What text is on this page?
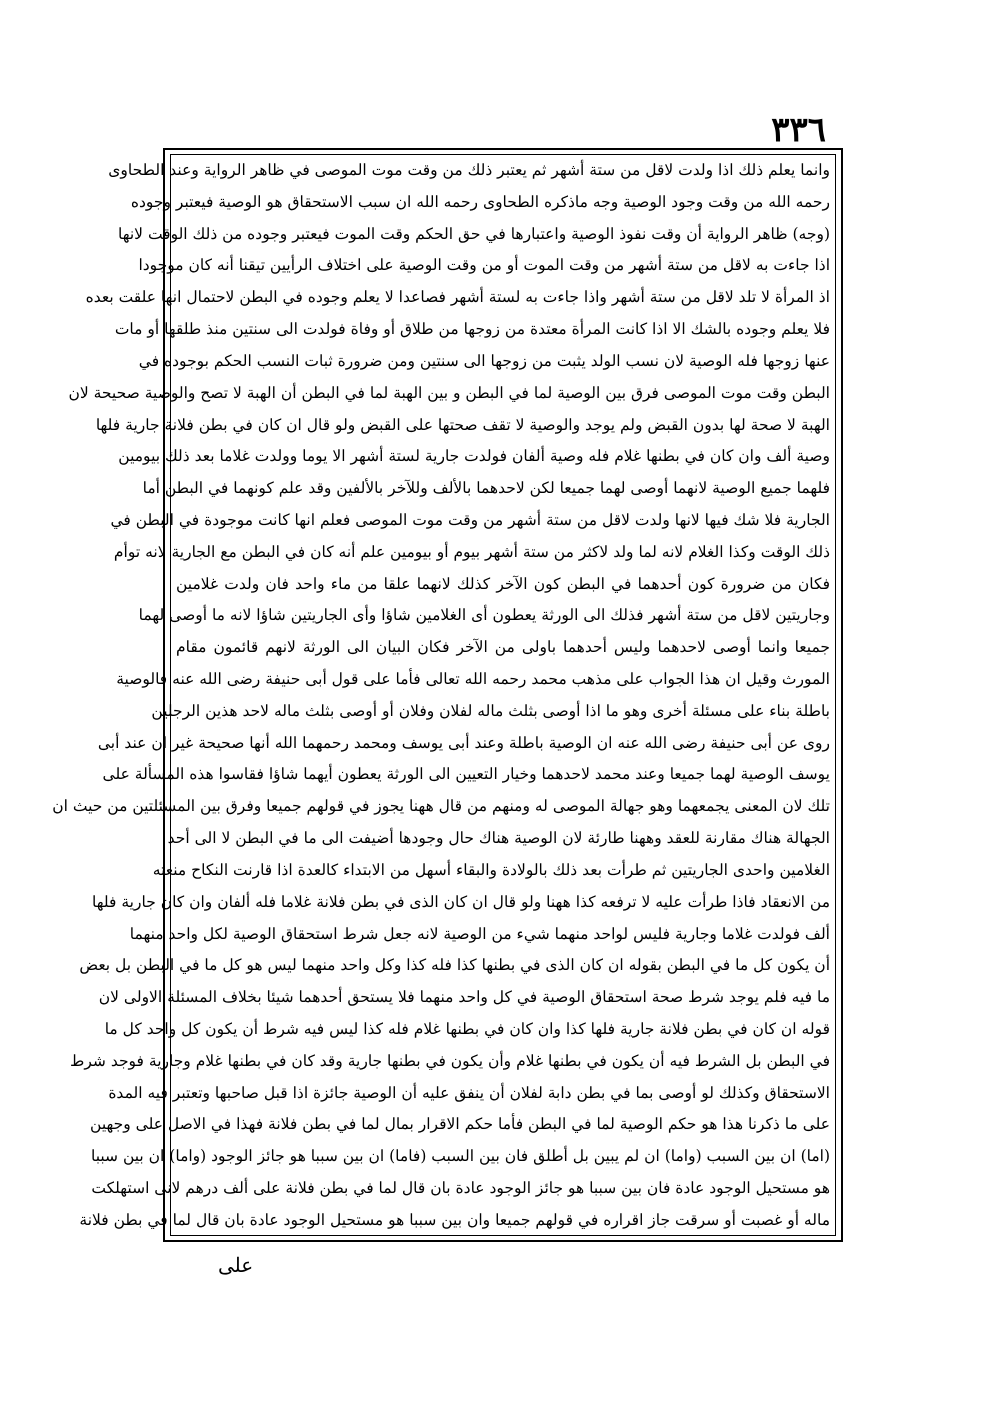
٣٣٦
وانما يعلم ذلك اذا ولدت لاقل من ستة أشهر ثم يعتبر ذلك من وقت موت الموصى في ظاهر الرواية وعند الطحاوى
رحمه الله من وقت وجود الوصية وجه ماذكره الطحاوى رحمه الله ان سبب الاستحقاق هو الوصية فيعتبر وجوده
(وجه) ظاهر الرواية أن وقت نفوذ الوصية واعتبارها في حق الحكم وقت الموت فيعتبر وجوده من ذلك الوقت لانها
اذا جاءت به لاقل من ستة أشهر من وقت الموت أو من وقت الوصية على اختلاف الرأيين تيقنا أنه كان موجودا
اذ المرأة لا تلد لاقل من ستة أشهر واذا جاءت به لستة أشهر فصاعدا لا يعلم وجوده في البطن لاحتمال انها علقت بعده
فلا يعلم وجوده بالشك الا اذا كانت المرأة معتدة من زوجها من طلاق أو وفاة فولدت الى سنتين منذ طلقها أو مات
عنها زوجها فله الوصية لان نسب الولد يثبت من زوجها الى سنتين ومن ضرورة ثبات النسب الحكم بوجوده في
البطن وقت موت الموصى فرق بين الوصية لما في البطن و بين الهبة لما في البطن أن الهبة لا تصح والوصية صحيحة لان
الهبة لا صحة لها بدون القبض ولم يوجد والوصية لا تقف صحتها على القبض ولو قال ان كان في بطن فلانة جارية فلها
وصية ألف وان كان في بطنها غلام فله وصية ألفان فولدت جارية لستة أشهر الا يوما وولدت غلاما بعد ذلك بيومين
فلهما جميع الوصية لانهما أوصى لهما جميعا لكن لاحدهما بالألف وللآخر بالألفين وقد علم كونهما في البطن أما
الجارية فلا شك فيها لانها ولدت لاقل من ستة أشهر من وقت موت الموصى فعلم انها كانت موجودة في البطن في
ذلك الوقت وكذا الغلام لانه لما ولد لاكثر من ستة أشهر بيوم أو بيومين علم أنه كان في البطن مع الجارية لانه توأم
فكان من ضرورة كون أحدهما في البطن كون الآخر كذلك لانهما علقا من ماء واحد فان ولدت غلامين
وجاريتين لاقل من ستة أشهر فذلك الى الورثة يعطون أى الغلامين شاؤا وأى الجاريتين شاؤا لانه ما أوصى لهما
جميعا وانما أوصى لاحدهما وليس أحدهما باولى من الآخر فكان البيان الى الورثة لانهم قائمون مقام
المورث وقيل ان هذا الجواب على مذهب محمد رحمه الله تعالى فأما على قول أبى حنيفة رضى الله عنه فالوصية
باطلة بناء على مسئلة أخرى وهو ما اذا أوصى بثلث ماله لفلان وفلان أو أوصى بثلث ماله لاحد هذين الرجلين
روى عن أبى حنيفة رضى الله عنه ان الوصية باطلة وعند أبى يوسف ومحمد رحمهما الله أنها صحيحة غير ان عند أبى
يوسف الوصية لهما جميعا وعند محمد لاحدهما وخيار التعيين الى الورثة يعطون أيهما شاؤا فقاسوا هذه المسألة على
تلك لان المعنى يجمعهما وهو جهالة الموصى له ومنهم من قال ههنا يجوز في قولهم جميعا وفرق بين المسئلتين من حيث ان
الجهالة هناك مقارنة للعقد وههنا طارئة لان الوصية هناك حال وجودها أضيفت الى ما في البطن لا الى أحد
الغلامين واحدى الجاريتين ثم طرأت بعد ذلك بالولادة والبقاء أسهل من الابتداء كالعدة اذا قارنت النكاح منعته
من الانعقاد فاذا طرأت عليه لا ترفعه كذا ههنا ولو قال ان كان الذى في بطن فلانة غلاما فله ألفان وان كان جارية فلها
ألف فولدت غلاما وجارية فليس لواحد منهما شيء من الوصية لانه جعل شرط استحقاق الوصية لكل واحد منهما
أن يكون كل ما في البطن بقوله ان كان الذى في بطنها كذا فله كذا وكل واحد منهما ليس هو كل ما في البطن بل بعض
ما فيه فلم يوجد شرط صحة استحقاق الوصية في كل واحد منهما فلا يستحق أحدهما شيئا بخلاف المسئلة الاولى لان
قوله ان كان في بطن فلانة جارية فلها كذا وان كان في بطنها غلام فله كذا ليس فيه شرط أن يكون كل واحد كل ما
في البطن بل الشرط فيه أن يكون في بطنها غلام وأن يكون في بطنها جارية وقد كان في بطنها غلام وجارية فوجد شرط
الاستحقاق وكذلك لو أوصى بما في بطن دابة لفلان أن ينفق عليه أن الوصية جائزة اذا قبل صاحبها وتعتبر فيه المدة
على ما ذكرنا هذا هو حكم الوصية لما في البطن فأما حكم الاقرار بمال لما في بطن فلانة فهذا في الاصل على وجهين
(اما) ان بين السبب (واما) ان لم يبين بل أطلق فان بين السبب (فاما) ان بين سببا هو جائز الوجود (واما) ان بين سببا
هو مستحيل الوجود عادة فان بين سببا هو جائز الوجود عادة بان قال لما في بطن فلانة على ألف درهم لانى استهلكت
ماله أو غصبت أو سرقت جاز اقراره في قولهم جميعا وان بين سببا هو مستحيل الوجود عادة بان قال لما في بطن فلانة
على
